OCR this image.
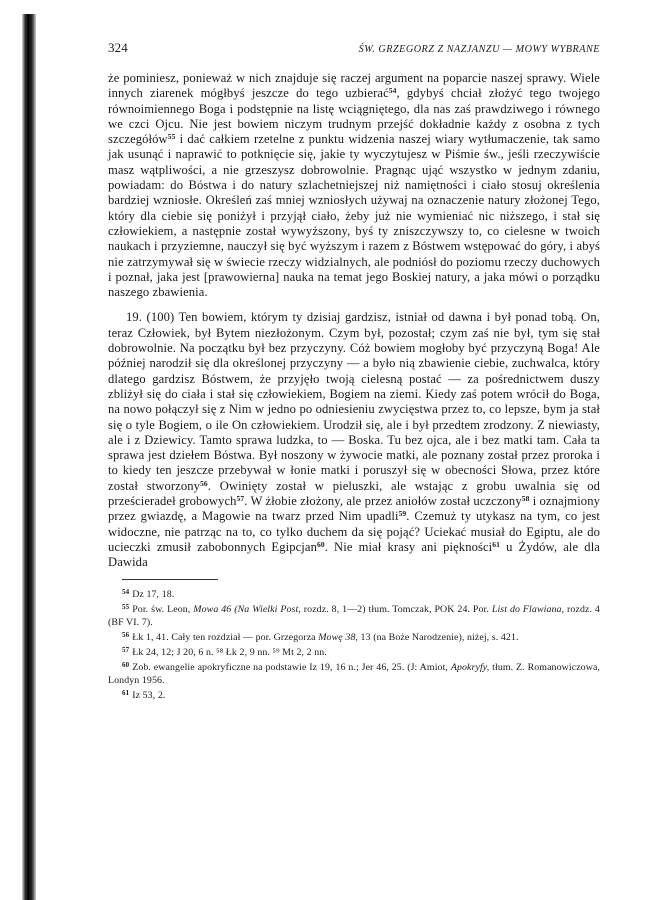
324	ŚW. GRZEGORZ Z NAZJANZU — MOWY WYBRANE

że pominiesz, ponieważ w nich znajduje się raczej argument na poparcie naszej sprawy. Wiele innych ziarenek mógłbyś jeszcze do tego uzbierać$^{54}$, gdybyś chciał złożyć tego twojego równoimiennego Boga i podstępnie na listę wciągniętego, dla nas zaś prawdziwego i równego we czci Ojcu. Nie jest bowiem niczym trudnym przejść dokładnie każdy z osobna z tych szczegółów$^{55}$ i dać całkiem rzetelne z punktu widzenia naszej wiary wytłumaczenie, tak samo jak usunąć i naprawić to potknięcie się, jakie ty wyczytujesz w Piśmie św., jeśli rzeczywiście masz wątpliwości, a nie grzeszysz dobrowolnie. Pragnąc ująć wszystko w jednym zdaniu, powiadam: do Bóstwa i do natury szlachetniejszej niż namiętności i ciało stosuj określenia bardziej wzniosłe. Określeń zaś mniej wzniosłych używaj na oznaczenie natury złożonej Tego, który dla ciebie się poniżył i przyjął ciało, żeby już nie wymieniać nic niższego, i stał się człowiekiem, a następnie został wywyższony, byś ty zniszczywszy to, co cielesne w twoich naukach i przyziemne, nauczył się być wyższym i razem z Bóstwem wstępować do góry, i abyś nie zatrzymywał się w świecie rzeczy widzialnych, ale podniósł do poziomu rzeczy duchowych i poznał, jaka jest [prawowierna] nauka na temat jego Boskiej natury, a jaka mówi o porządku naszego zbawienia.

19. (100) Ten bowiem, którym ty dzisiaj gardzisz, istniał od dawna i był ponad tobą. On, teraz Człowiek, był Bytem niezłożonym. Czym był, pozostał; czym zaś nie był, tym się stał dobrowolnie. Na początku był bez przyczyny. Cóż bowiem mogłoby być przyczyną Boga! Ale później narodził się dla określonej przyczyny — a było nią zbawienie ciebie, zuchwalca, który dlatego gardzisz Bóstwem, że przyjęło twoją cielesną postać — za pośrednictwem duszy zbliżył się do ciała i stał się człowiekiem, Bogiem na ziemi. Kiedy zaś potem wrócił do Boga, na nowo połączył się z Nim w jedno po odniesieniu zwycięstwa przez to, co lepsze, bym ja stał się o tyle Bogiem, o ile On człowiekiem. Urodził się, ale i był przedtem zrodzony. Z niewiasty, ale i z Dziewicy. Tamto sprawa ludzka, to — Boska. Tu bez ojca, ale i bez matki tam. Cała ta sprawa jest dziełem Bóstwa. Był noszony w żywocie matki, ale poznany został przez proroka i to kiedy ten jeszcze przebywał w łonie matki i poruszył się w obecności Słowa, przez które został stworzony$^{56}$. Owinięty został w pieluszki, ale wstając z grobu uwalnia się od prześcieradeł grobowych$^{57}$. W żłobie złożony, ale przez aniołów został uczczony$^{58}$ i oznajmiony przez gwiazdę, a Magowie na twarz przed Nim upadli$^{59}$. Czemuż ty utykasz na tym, co jest widoczne, nie patrząc na to, co tylko duchem da się pojąć? Uciekać musiał do Egiptu, ale do ucieczki zmusił zabobonnych Egipcjan$^{60}$. Nie miał krasy ani piękności$^{61}$ u Żydów, ale dla Dawida

$^{54}$ Dz 17, 18.
$^{55}$ Por. św. Leon, Mowa 46 (Na Wielki Post, rozdz. 8, 1—2) tłum. Tomczak, POK 24. Por. List do Flawiana, rozdz. 4 (BF VI. 7).
$^{56}$ Łk 1, 41. Cały ten rozdział — por. Grzegorza Mowę 38, 13 (na Boże Narodzenie), niżej, s. 421.
$^{57}$ Łk 24, 12; J 20, 6 n. ⁵⁸ Łk 2, 9 nn. ⁵⁹ Mt 2, 2 nn.
$^{60}$ Zob. ewangelie apokryficzne na podstawie Iz 19, 16 n.; Jer 46, 25. (J: Amiot, Apokryfy, tłum. Z. Romanowiczowa, Londyn 1956.
$^{61}$ Iz 53, 2.
